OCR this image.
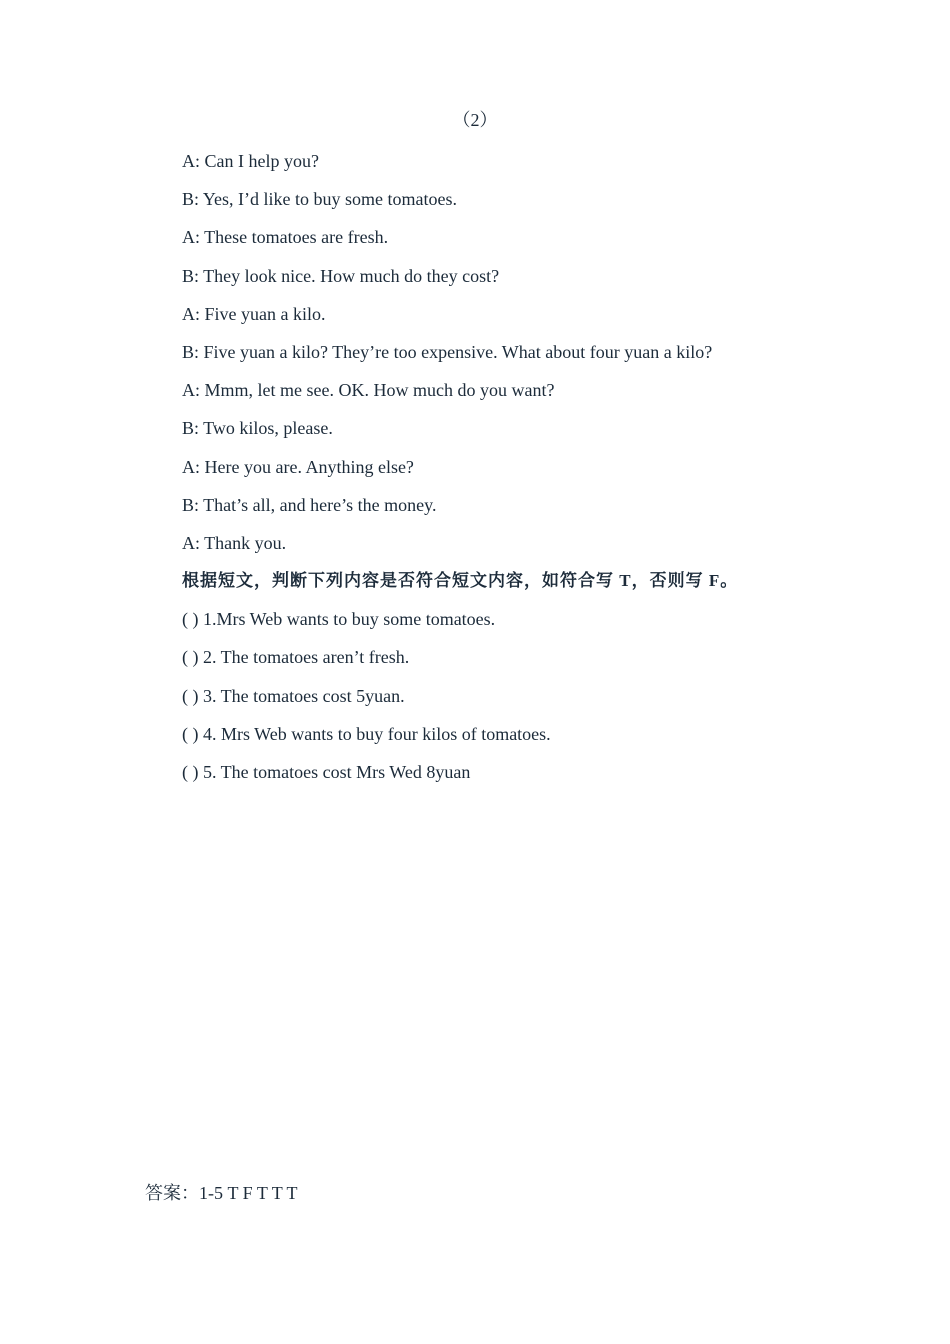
（2）
A: Can I help you?
B: Yes, I’d like to buy some tomatoes.
A: These tomatoes are fresh.
B: They look nice. How much do they cost?
A: Five yuan a kilo.
B: Five yuan a kilo? They’re too expensive. What about four yuan a kilo?
A: Mmm, let me see. OK. How much do you want?
B: Two kilos, please.
A: Here you are. Anything else?
B: That’s all, and here’s the money.
A: Thank you.
根据短文，判断下列内容是否符合短文内容，如符合写 T，否则写 F。
( ) 1.Mrs Web wants to buy some tomatoes.
( ) 2. The tomatoes aren’t fresh.
( ) 3. The tomatoes cost 5yuan.
( ) 4. Mrs Web wants to buy four kilos of tomatoes.
( ) 5. The tomatoes cost Mrs Wed 8yuan
答案：1-5 T F T T T
